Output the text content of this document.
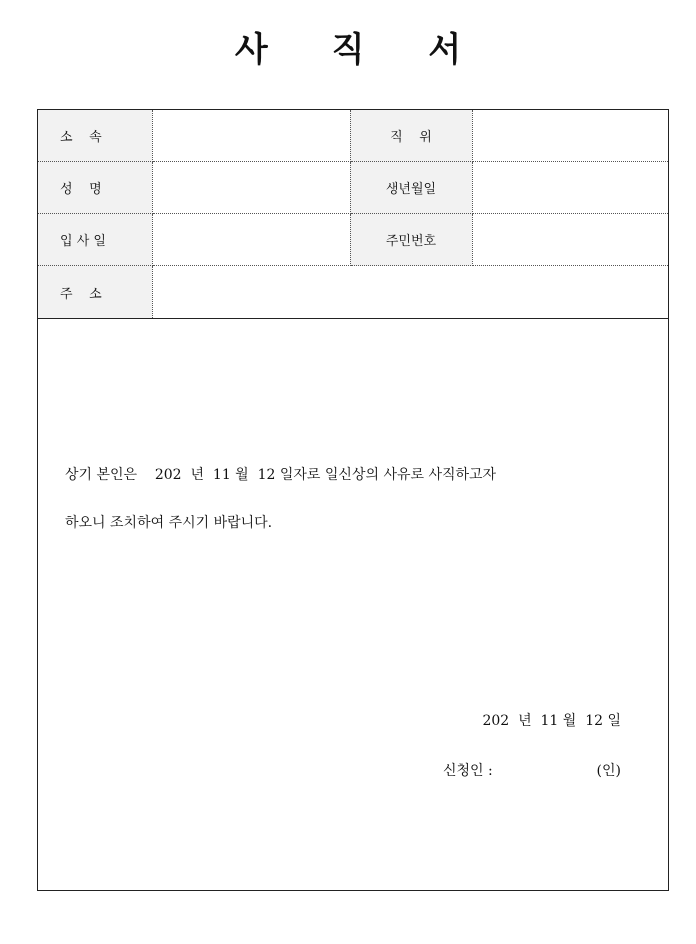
사 직 서
소    속		직    위	
성    명		생년월일	
입 사 일		주민번호	
주    소			
상기 본인은    202  년  11 월  12 일자로 일신상의 사유로 사직하고자
하오니 조치하여 주시기 바랍니다.
202  년  11 월  12 일
신청인 :	(인)
